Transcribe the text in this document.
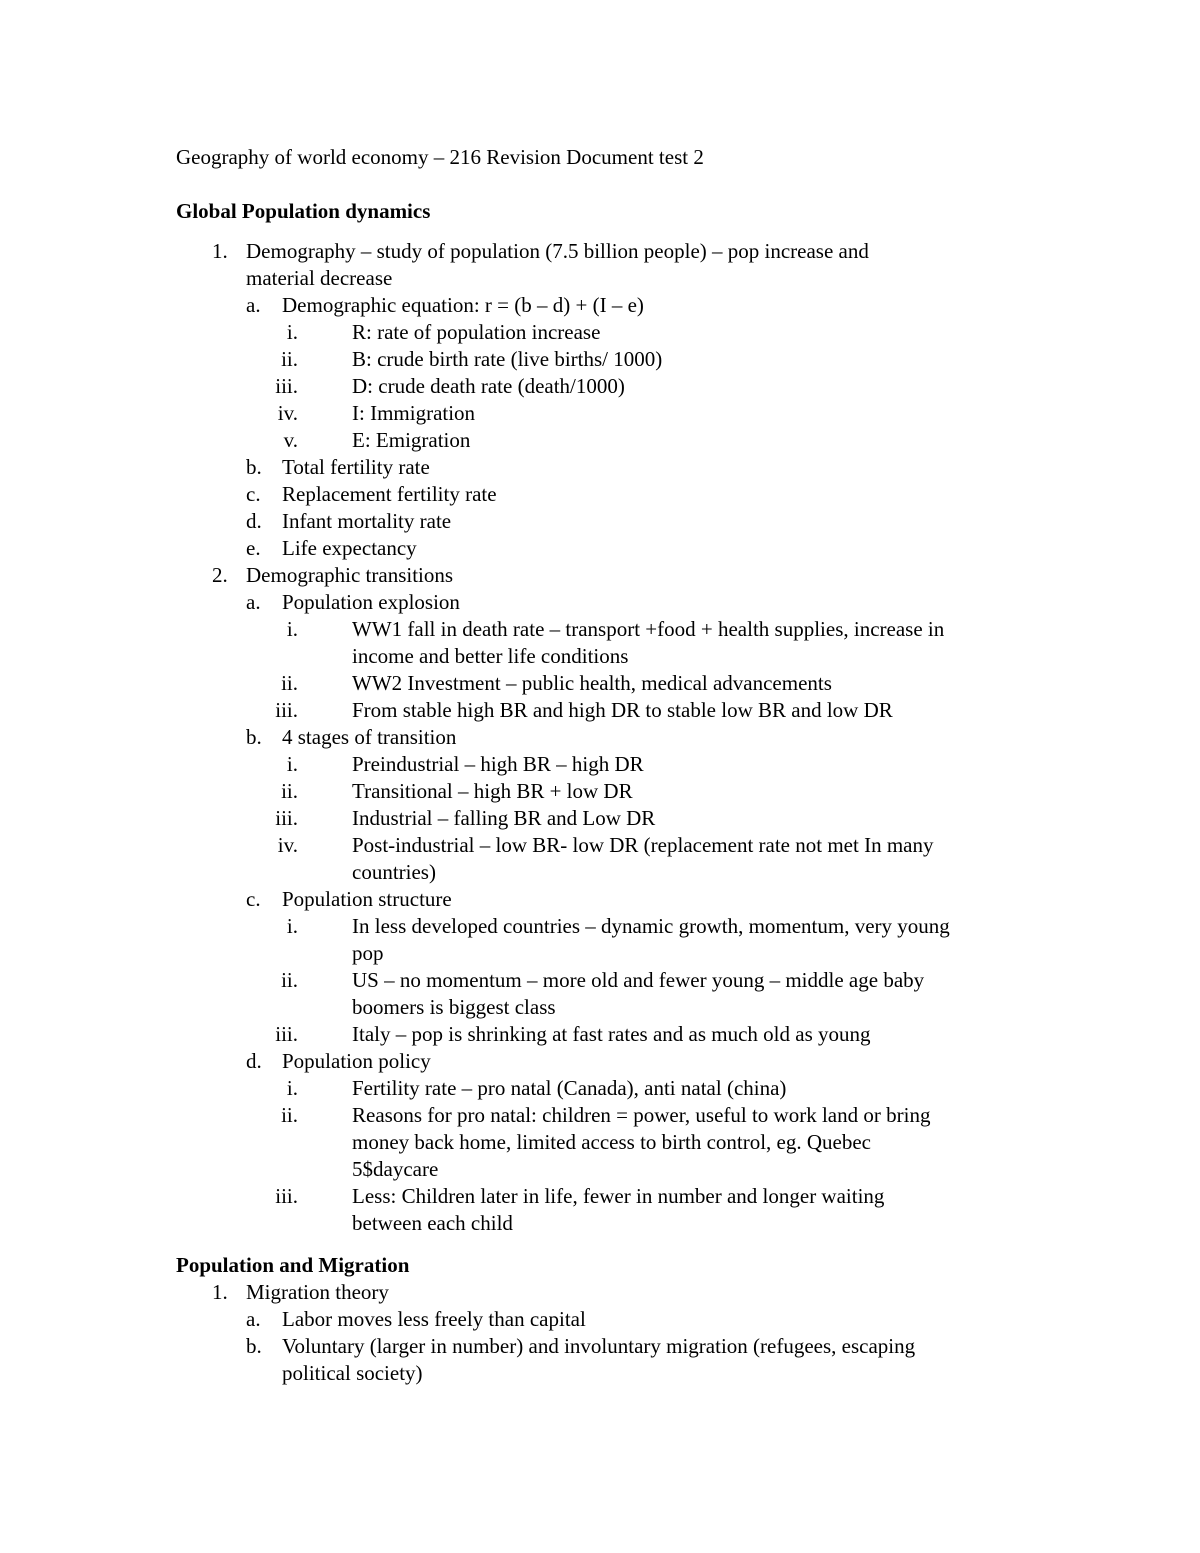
Geography of world economy – 216 Revision Document test 2
Global Population dynamics
1. Demography – study of population (7.5 billion people) – pop increase and
material decrease
a. Demographic equation: r = (b – d) + (I – e)
i.	R: rate of population increase
ii.	B: crude birth rate (live births/ 1000)
iii.	D: crude death rate (death/1000)
iv.	I: Immigration
v.	E: Emigration
b. Total fertility rate
c. Replacement fertility rate
d. Infant mortality rate
e. Life expectancy
2. Demographic transitions
a. Population explosion
i.	WW1 fall in death rate – transport +food + health supplies, increase in
income and better life conditions
ii.	WW2 Investment – public health, medical advancements
iii.	From stable high BR and high DR to stable low BR and low DR
b. 4 stages of transition
i.	Preindustrial – high BR – high DR
ii.	Transitional – high BR + low DR
iii.	Industrial – falling BR and Low DR
iv.	Post-industrial – low BR- low DR (replacement rate not met In many
countries)
c. Population structure
i.	In less developed countries – dynamic growth, momentum, very young
pop
ii.	US – no momentum – more old and fewer young – middle age baby
boomers is biggest class
iii.	Italy – pop is shrinking at fast rates and as much old as young
d. Population policy
i.	Fertility rate – pro natal (Canada), anti natal (china)
ii.	Reasons for pro natal: children = power, useful to work land or bring
money back home, limited access to birth control, eg. Quebec
5$daycare
iii.	Less: Children later in life, fewer in number and longer waiting
between each child
Population and Migration
1. Migration theory
a. Labor moves less freely than capital
b. Voluntary (larger in number) and involuntary migration (refugees, escaping
political society)
